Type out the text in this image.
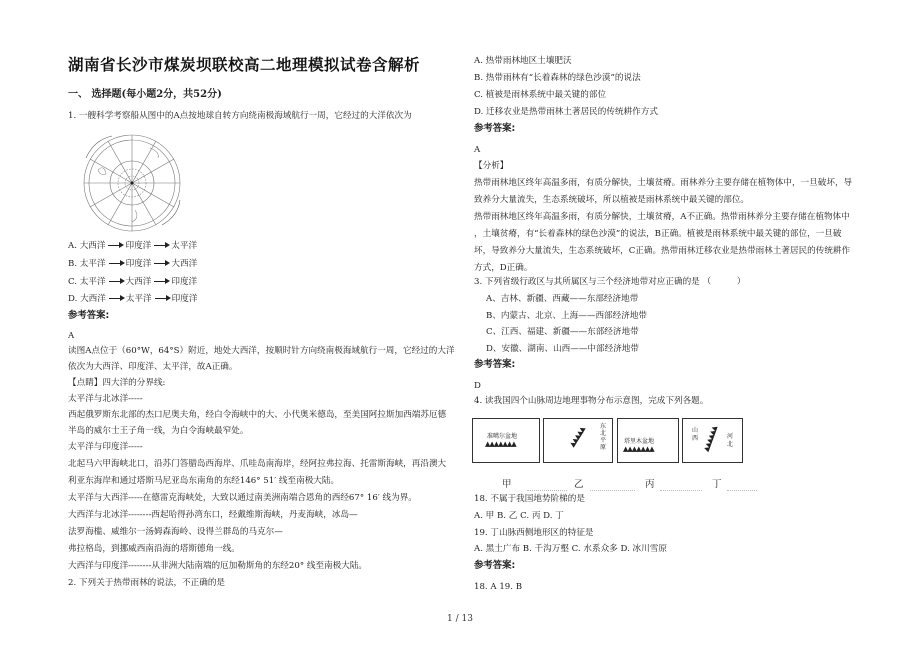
湖南省长沙市煤炭坝联校高二地理模拟试卷含解析
一、 选择题(每小题2分，共52分)
1. 一艘科学考察船从图中的A点按地球自转方向绕南极海域航行一周，它经过的大洋依次为
A. 大西洋 印度洋 太平洋
B. 太平洋 印度洋 大西洋
C. 太平洋 大西洋 印度洋
D. 大西洋 太平洋 印度洋
参考答案:
A
读图A点位于（60°W，64°S）附近，地处大西洋，按顺时针方向绕南极海域航行一周，它经过的大洋
依次为大西洋、印度洋、太平洋，故A正确。
【点睛】四大洋的分界线:
太平洋与北冰洋-----
西起俄罗斯东北部的杰口尼奥夫角，经白令海峡中的大、小代奥米德岛，至美国阿拉斯加西端苏厄德
半岛的威尔士王子角一线，为白令海峡最窄处。
太平洋与印度洋-----
北起马六甲海峡北口，沿苏门答腊岛西海岸、爪哇岛南海岸，经阿拉弗拉海、托雷斯海峡，再沿澳大
利亚东海岸和通过塔斯马尼亚岛东南角的东经146° 51′ 线至南极大陆。
太平洋与大西洋-----在德雷克海峡处，大致以通过南美洲南端合恩角的西经67° 16′ 线为界。
大西洋与北冰洋--------西起哈得孙湾东口，经戴维斯海峡，丹麦海峡，冰岛—
法罗海槛、威维尔一汤姆森海岭、设得兰群岛的马克尔—
弗拉格岛，到挪威西南沿海的塔斯德角一线。
大西洋与印度洋--------从非洲大陆南端的厄加勒斯角的东经20° 线至南极大陆。
2. 下列关于热带雨林的说法，不正确的是
A. 热带雨林地区土壤肥沃
B. 热带雨林有“长着森林的绿色沙漠”的说法
C. 植被是雨林系统中最关键的部位
D. 迁移农业是热带雨林土著居民的传统耕作方式
参考答案:
A
【分析】
热带雨林地区终年高温多雨，有质分解快，土壤贫瘠。雨林养分主要存储在植物体中，一旦破坏，导
致养分大量流失，生态系统破坏，所以植被是雨林系统中最关键的部位。
热带雨林地区终年高温多雨，有质分解快，土壤贫瘠，A不正确。热带雨林养分主要存储在植物体中
，土壤贫瘠，有“长着森林的绿色沙漠”的说法，B正确。植被是雨林系统中最关键的部位，一旦破
坏，导致养分大量流失，生态系统破坏，C正确。热带雨林迁移农业是热带雨林土著居民的传统耕作
方式，D正确。
3. 下列省级行政区与其所属区与三个经济地带对应正确的是 （　　　）
A、吉林、新疆、西藏——东部经济地带
B、内蒙古、北京、上海——西部经济地带
C、江西、福建、新疆——东部经济地带
D、安徽、湖南、山西——中部经济地带
参考答案:
D
4. 读我国四个山脉周边地理事物分布示意图，完成下列各题。
准噶尔盆地
▲▲▲▲▲▲▲	▲▲▲▲▲ 东
北
平
原
塔里木盆地
▲▲▲▲▲▲▲
山
西 ▲▲▲▲▲▲ 河
北
甲	乙	丙	丁
18. 不属于我国地势阶梯的是
A. 甲 B. 乙 C. 丙 D. 丁
19. 丁山脉西侧地形区的特征是
A. 黑土广布 B. 千沟万壑 C. 水系众多 D. 冰川雪原
参考答案:
18. A 19. B
1 / 13
